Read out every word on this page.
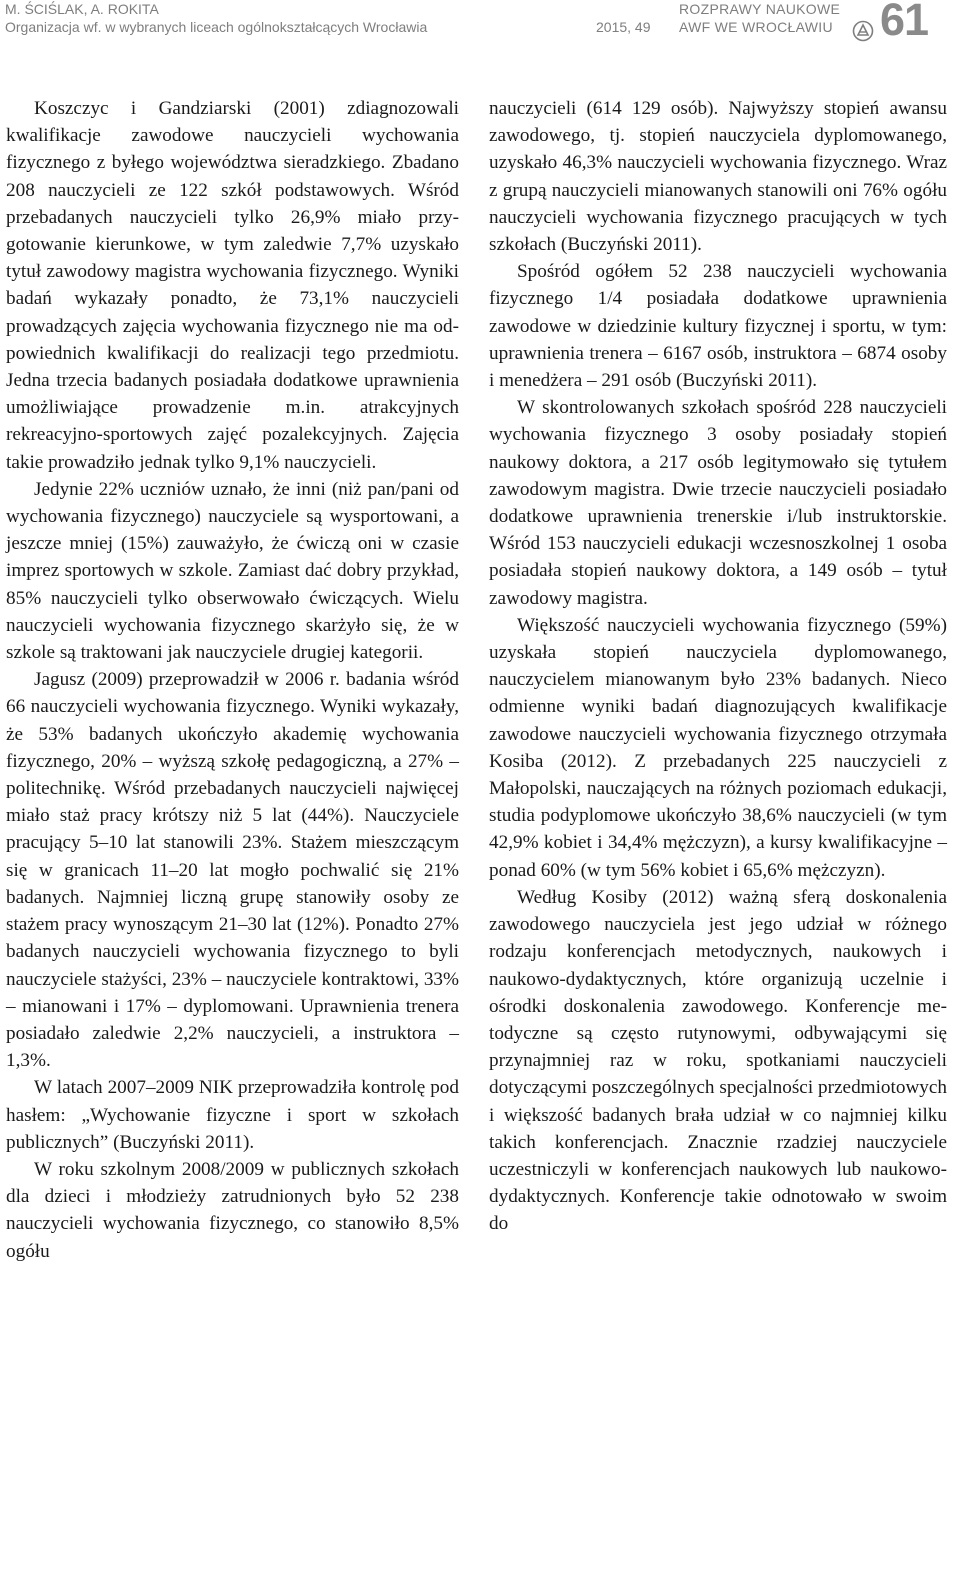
M. ŚCIŚLAK, A. ROKITA
Organizacja wf. w wybranych liceach ogólnokształcących Wrocławia	2015, 49
ROZPRAWY NAUKOWE
AWF WE WROCŁAWIU 61

Koszczyc i Gandziarski (2001) zdiagnozowali kwalifikacje zawodowe nauczycieli wychowania fizycznego z byłego województwa sieradzkiego. Zbadano 208 nauczycieli ze 122 szkół podstawowych. Wśród przebadanych nauczycieli tylko 26,9% miało przygotowanie kierunkowe, w tym zaledwie 7,7% uzyskało tytuł zawodowy magistra wychowania fizycznego. Wyniki badań wykazały ponadto, że 73,1% nauczycieli prowadzących zajęcia wychowania fizycznego nie ma odpowiednich kwalifikacji do realizacji tego przedmiotu. Jedna trzecia badanych posiadała dodatkowe uprawnienia umożliwiające prowadzenie m.in. atrakcyjnych rekreacyjno-sportowych zajęć pozalekcyjnych. Zajęcia takie prowadziło jednak tylko 9,1% nauczycieli.

Jedynie 22% uczniów uznało, że inni (niż pan/pani od wychowania fizycznego) nauczyciele są wysportowani, a jeszcze mniej (15%) zauważyło, że ćwiczą oni w czasie imprez sportowych w szkole. Zamiast dać dobry przykład, 85% nauczycieli tylko obserwowało ćwiczących. Wielu nauczycieli wychowania fizycznego skarżyło się, że w szkole są traktowani jak nauczyciele drugiej kategorii.

Jagusz (2009) przeprowadził w 2006 r. badania wśród 66 nauczycieli wychowania fizycznego. Wyniki wykazały, że 53% badanych ukończyło akademię wychowania fizycznego, 20% – wyższą szkołę pedagogiczną, a 27% – politechnikę. Wśród przebadanych nauczycieli najwięcej miało staż pracy krótszy niż 5 lat (44%). Nauczyciele pracujący 5–10 lat stanowili 23%. Stażem mieszczącym się w granicach 11–20 lat mogło pochwalić się 21% badanych. Najmniej liczną grupę stanowiły osoby ze stażem pracy wynoszącym 21–30 lat (12%). Ponadto 27% badanych nauczycieli wychowania fizycznego to byli nauczyciele stażyści, 23% – nauczyciele kontraktowi, 33% – mianowani i 17% – dyplomowani. Uprawnienia trenera posiadało zaledwie 2,2% nauczycieli, a instruktora – 1,3%.

W latach 2007–2009 NIK przeprowadziła kontrolę pod hasłem: „Wychowanie fizyczne i sport w szkołach publicznych” (Buczyński 2011).

W roku szkolnym 2008/2009 w publicznych szkołach dla dzieci i młodzieży zatrudnionych było 52 238 nauczycieli wychowania fizycznego, co stanowiło 8,5% ogółu

nauczycieli (614 129 osób). Najwyższy stopień awansu zawodowego, tj. stopień nauczyciela dyplomowanego, uzyskało 46,3% nauczycieli wychowania fizycznego. Wraz z grupą nauczycieli mianowanych stanowili oni 76% ogółu nauczycieli wychowania fizycznego pracujących w tych szkołach (Buczyński 2011).

Spośród ogółem 52 238 nauczycieli wychowania fizycznego 1/4 posiadała dodatkowe uprawnienia zawodowe w dziedzinie kultury fizycznej i sportu, w tym: uprawnienia trenera – 6167 osób, instruktora – 6874 osoby i menedżera – 291 osób (Buczyński 2011).

W skontrolowanych szkołach spośród 228 nauczycieli wychowania fizycznego 3 osoby posiadały stopień naukowy doktora, a 217 osób legitymowało się tytułem zawodowym magistra. Dwie trzecie nauczycieli posiadało dodatkowe uprawnienia trenerskie i/lub instruktorskie. Wśród 153 nauczycieli edukacji wczesnoszkolnej 1 osoba posiadała stopień naukowy doktora, a 149 osób – tytuł zawodowy magistra.

Większość nauczycieli wychowania fizycznego (59%) uzyskała stopień nauczyciela dyplomowanego, nauczycielem mianowanym było 23% badanych. Nieco odmienne wyniki badań diagnozujących kwalifikacje zawodowe nauczycieli wychowania fizycznego otrzymała Kosiba (2012). Z przebadanych 225 nauczycieli z Małopolski, nauczających na różnych poziomach edukacji, studia podyplomowe ukończyło 38,6% nauczycieli (w tym 42,9% kobiet i 34,4% mężczyzn), a kursy kwalifikacyjne – ponad 60% (w tym 56% kobiet i 65,6% mężczyzn).

Według Kosiby (2012) ważną sferą doskonalenia zawodowego nauczyciela jest jego udział w różnego rodzaju konferencjach metodycznych, naukowych i naukowo-dydaktycznych, które organizują uczelnie i ośrodki doskonalenia zawodowego. Konferencje metodyczne są często rutynowymi, odbywającymi się przynajmniej raz w roku, spotkaniami nauczycieli dotyczącymi poszczególnych specjalności przedmiotowych i większość badanych brała udział w co najmniej kilku takich konferencjach. Znacznie rzadziej nauczyciele uczestniczyli w konferencjach naukowych lub naukowo-dydaktycznych. Konferencje takie odnotowało w swoim do
